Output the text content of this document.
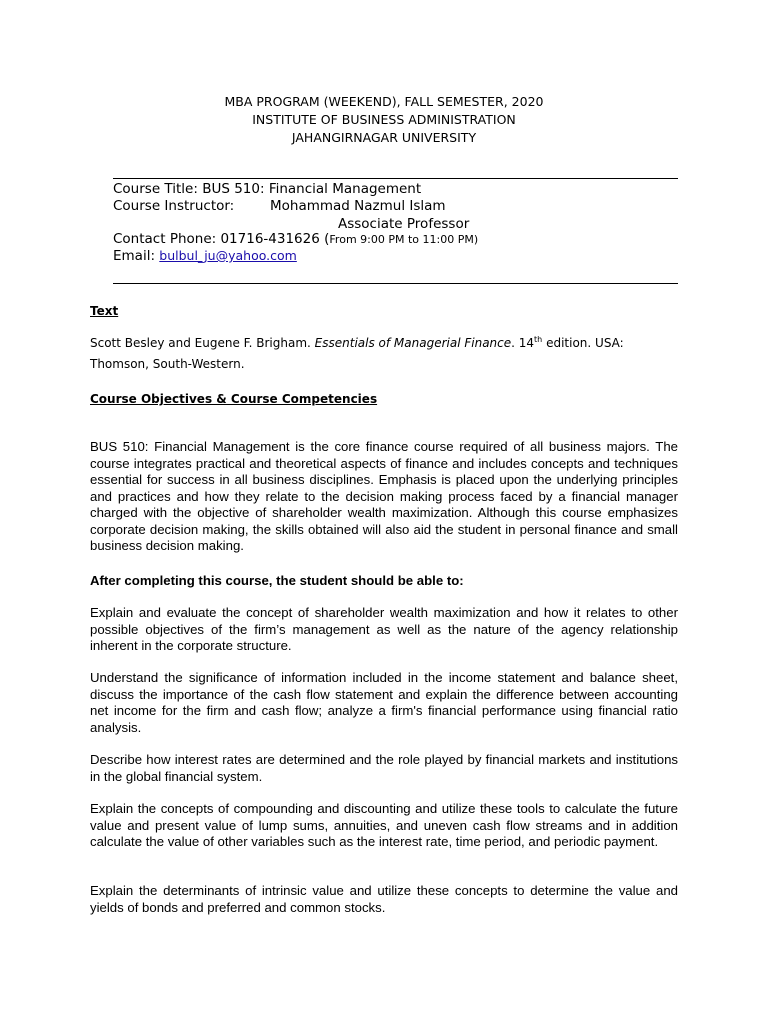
MBA PROGRAM (WEEKEND), FALL SEMESTER, 2020
INSTITUTE OF BUSINESS ADMINISTRATION
JAHANGIRNAGAR UNIVERSITY
Course Title: BUS 510: Financial Management
Course Instructor:	Mohammad Nazmul Islam
Associate Professor
Contact Phone: 01716-431626 (From 9:00 PM to 11:00 PM)
Email: bulbul_ju@yahoo.com
Text
Scott Besley and Eugene F. Brigham. Essentials of Managerial Finance. 14th edition. USA:
Thomson, South-Western.
Course Objectives & Course Competencies
BUS 510: Financial Management is the core finance course required of all business majors. The course integrates practical and theoretical aspects of finance and includes concepts and techniques essential for success in all business disciplines. Emphasis is placed upon the underlying principles and practices and how they relate to the decision making process faced by a financial manager charged with the objective of shareholder wealth maximization. Although this course emphasizes corporate decision making, the skills obtained will also aid the student in personal finance and small business decision making.
After completing this course, the student should be able to:
Explain and evaluate the concept of shareholder wealth maximization and how it relates to other possible objectives of the firm’s management as well as the nature of the agency relationship inherent in the corporate structure.
Understand the significance of information included in the income statement and balance sheet, discuss the importance of the cash flow statement and explain the difference between accounting net income for the firm and cash flow; analyze a firm's financial performance using financial ratio analysis.
Describe how interest rates are determined and the role played by financial markets and institutions in the global financial system.
Explain the concepts of compounding and discounting and utilize these tools to calculate the future value and present value of lump sums, annuities, and uneven cash flow streams and in addition calculate the value of other variables such as the interest rate, time period, and periodic payment.
Explain the determinants of intrinsic value and utilize these concepts to determine the value and yields of bonds and preferred and common stocks.
